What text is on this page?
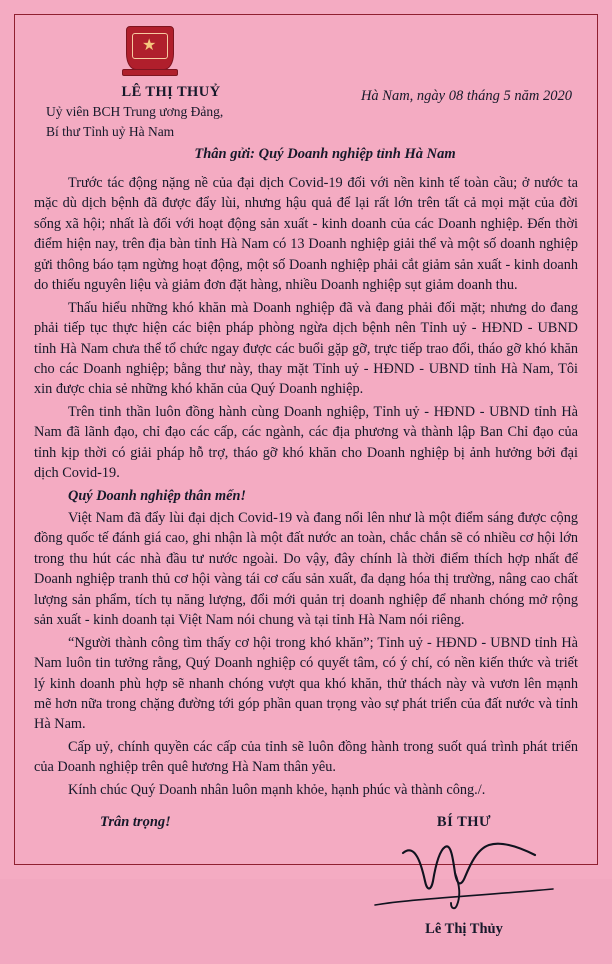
★
LÊ THỊ THUỶ
Uỷ viên BCH Trung ương Đảng,
Bí thư Tỉnh uỷ Hà Nam
Hà Nam, ngày 08 tháng 5 năm 2020
Thân gửi: Quý Doanh nghiệp tỉnh Hà Nam

Trước tác động nặng nề của đại dịch Covid-19 đối với nền kinh tế toàn cầu; ở nước ta mặc dù dịch bệnh đã được đẩy lùi, nhưng hậu quả để lại rất lớn trên tất cả mọi mặt của đời sống xã hội; nhất là đối với hoạt động sản xuất - kinh doanh của các Doanh nghiệp. Đến thời điểm hiện nay, trên địa bàn tỉnh Hà Nam có 13 Doanh nghiệp giải thể và một số doanh nghiệp gửi thông báo tạm ngừng hoạt động, một số Doanh nghiệp phải cắt giảm sản xuất - kinh doanh do thiếu nguyên liệu và giảm đơn đặt hàng, nhiều Doanh nghiệp sụt giảm doanh thu.

Thấu hiểu những khó khăn mà Doanh nghiệp đã và đang phải đối mặt; nhưng do đang phải tiếp tục thực hiện các biện pháp phòng ngừa dịch bệnh nên Tỉnh uỷ - HĐND - UBND tỉnh Hà Nam chưa thể tổ chức ngay được các buổi gặp gỡ, trực tiếp trao đổi, tháo gỡ khó khăn cho các Doanh nghiệp; bằng thư này, thay mặt Tỉnh uỷ - HĐND - UBND tỉnh Hà Nam, Tôi xin được chia sẻ những khó khăn của Quý Doanh nghiệp.

Trên tinh thần luôn đồng hành cùng Doanh nghiệp, Tỉnh uỷ - HĐND - UBND tỉnh Hà Nam đã lãnh đạo, chỉ đạo các cấp, các ngành, các địa phương và thành lập Ban Chỉ đạo của tỉnh kịp thời có giải pháp hỗ trợ, tháo gỡ khó khăn cho Doanh nghiệp bị ảnh hưởng bởi đại dịch Covid-19.

Quý Doanh nghiệp thân mến!

Việt Nam đã đẩy lùi đại dịch Covid-19 và đang nổi lên như là một điểm sáng được cộng đồng quốc tế đánh giá cao, ghi nhận là một đất nước an toàn, chắc chắn sẽ có nhiều cơ hội lớn trong thu hút các nhà đầu tư nước ngoài. Do vậy, đây chính là thời điểm thích hợp nhất để Doanh nghiệp tranh thủ cơ hội vàng tái cơ cấu sản xuất, đa dạng hóa thị trường, nâng cao chất lượng sản phẩm, tích tụ năng lượng, đổi mới quản trị doanh nghiệp để nhanh chóng mở rộng sản xuất - kinh doanh tại Việt Nam nói chung và tại tỉnh Hà Nam nói riêng.

“Người thành công tìm thấy cơ hội trong khó khăn”; Tỉnh uỷ - HĐND - UBND tỉnh Hà Nam luôn tin tưởng rằng, Quý Doanh nghiệp có quyết tâm, có ý chí, có nền kiến thức và triết lý kinh doanh phù hợp sẽ nhanh chóng vượt qua khó khăn, thử thách này và vươn lên mạnh mẽ hơn nữa trong chặng đường tới góp phần quan trọng vào sự phát triển của đất nước và tỉnh Hà Nam.

Cấp uỷ, chính quyền các cấp của tỉnh sẽ luôn đồng hành trong suốt quá trình phát triển của Doanh nghiệp trên quê hương Hà Nam thân yêu.

Kính chúc Quý Doanh nhân luôn mạnh khỏe, hạnh phúc và thành công./.

Trân trọng!	BÍ THƯ
Lê Thị Thủy
